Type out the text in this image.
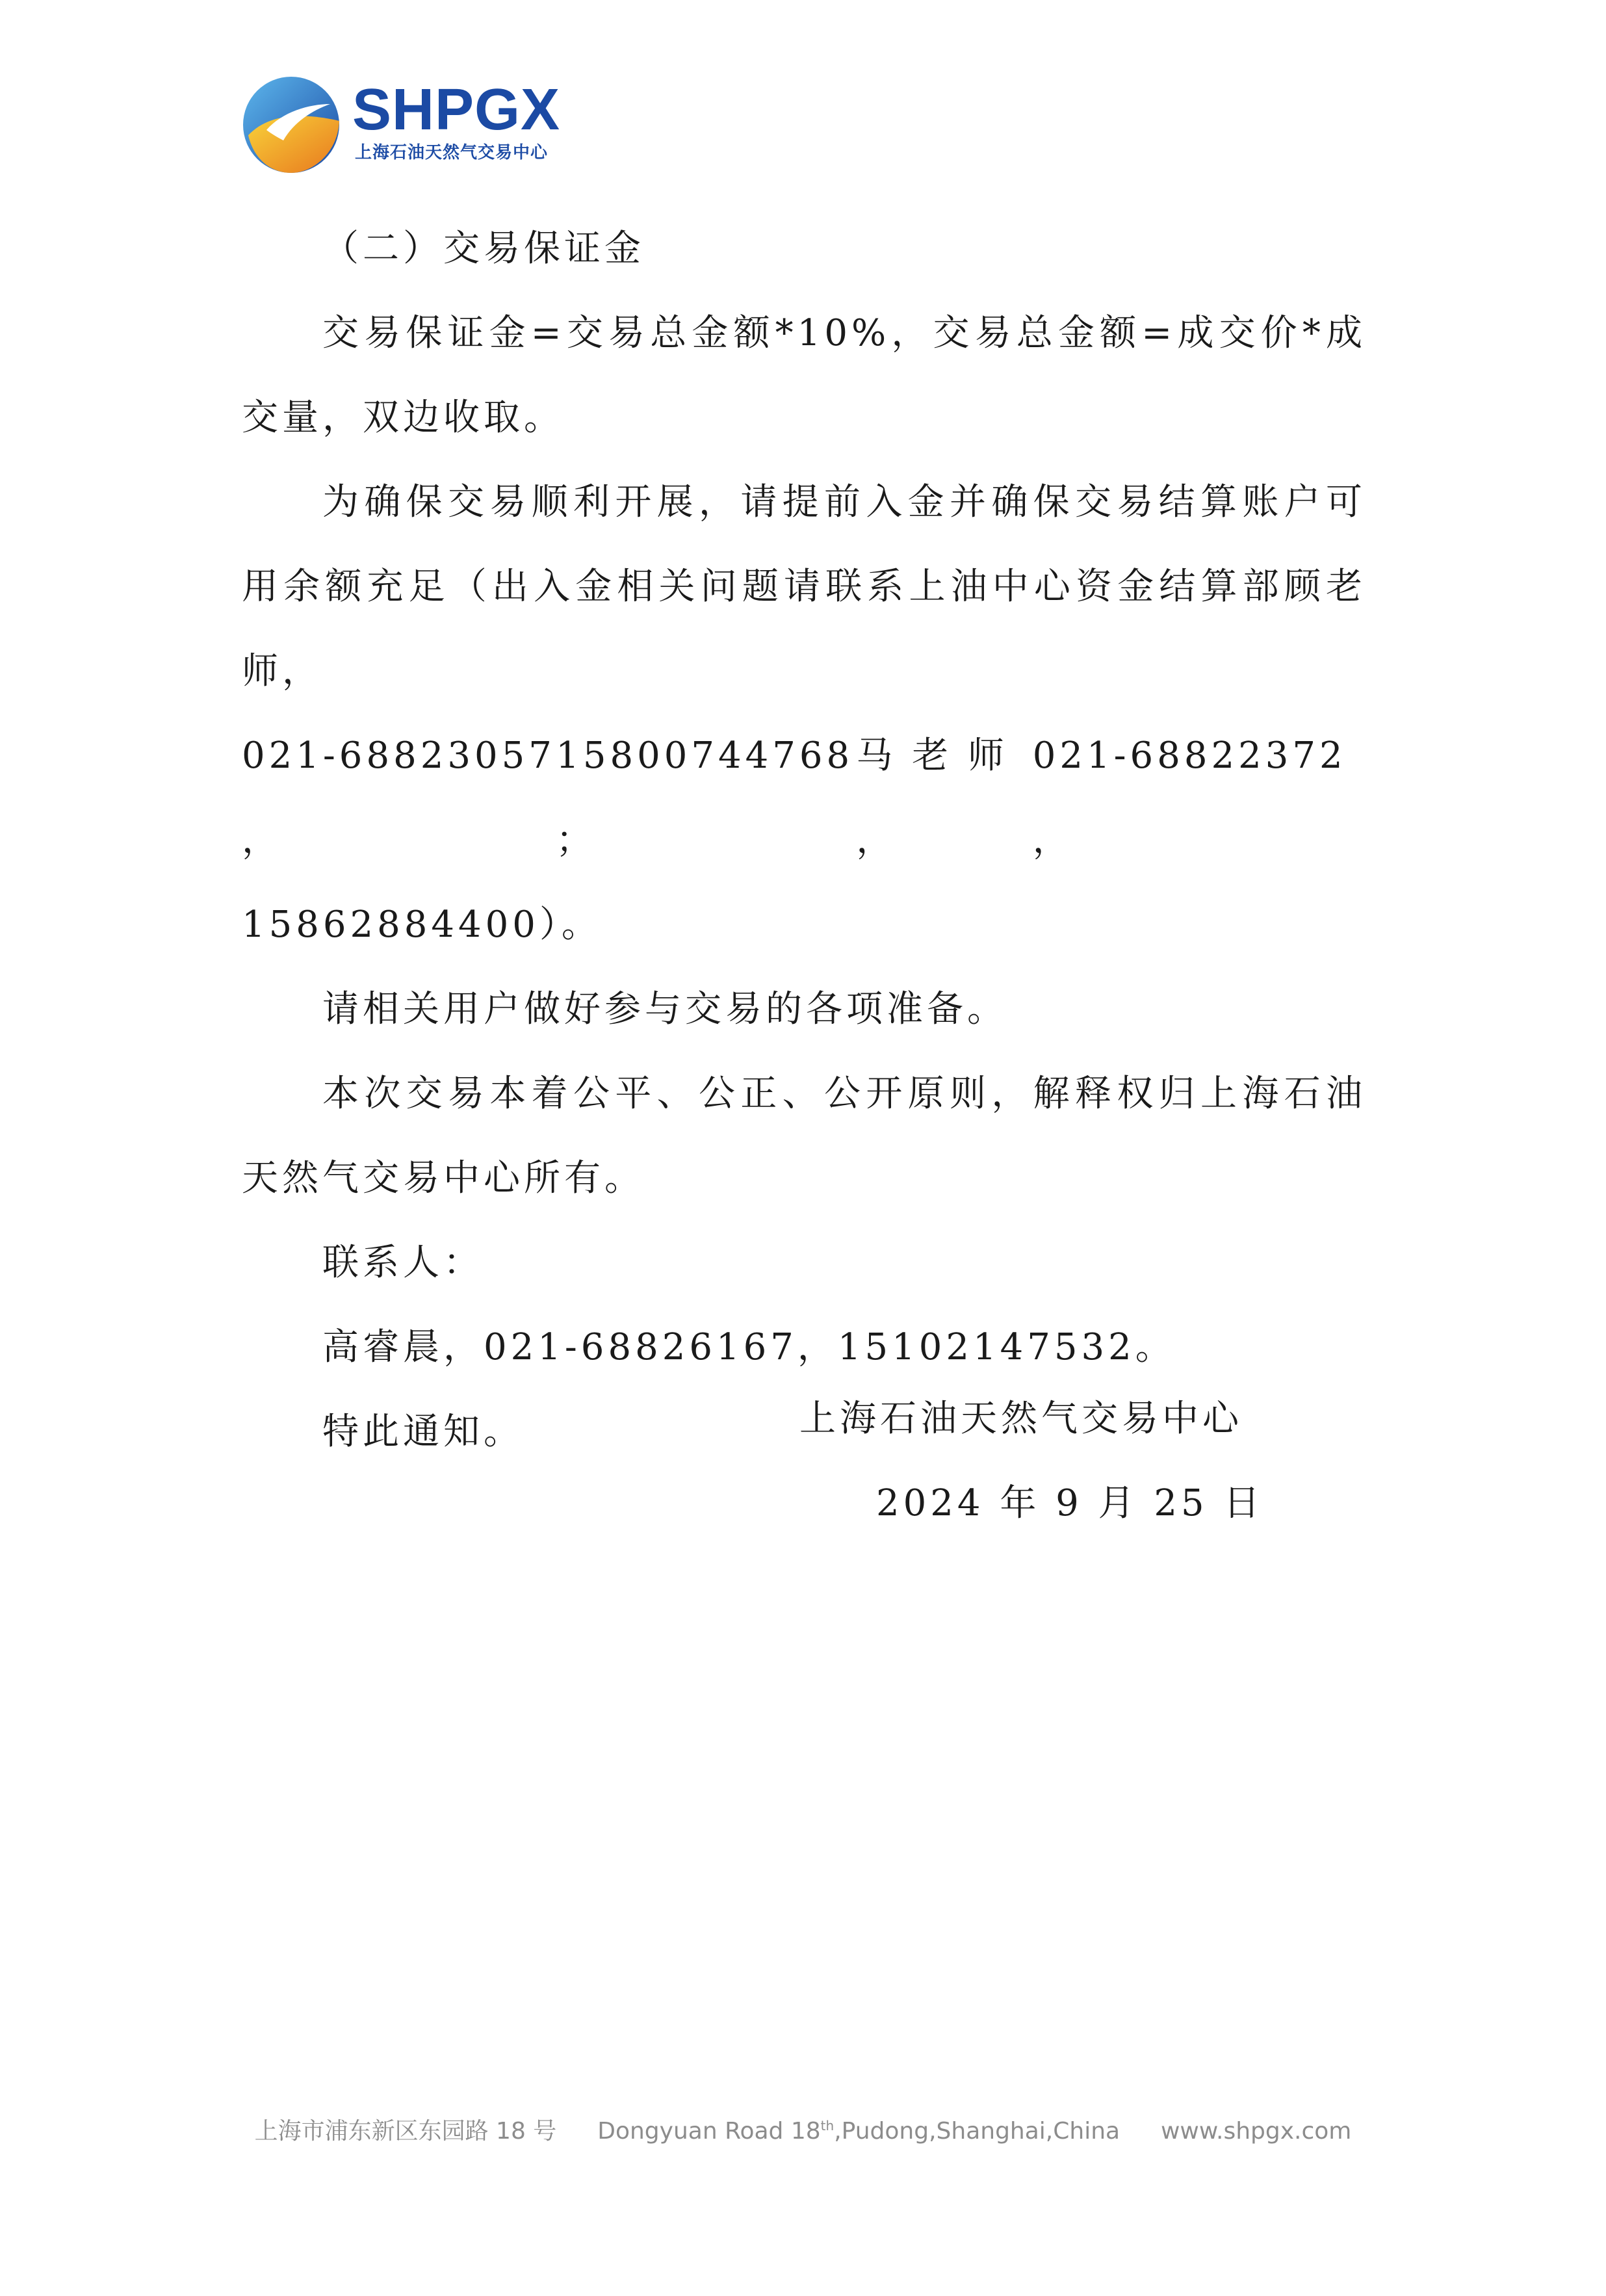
SHPGX
上海石油天然气交易中心

（二）交易保证金

交易保证金=交易总金额*10%，交易总金额=成交价*成交量，双边收取。

为确保交易顺利开展，请提前入金并确保交易结算账户可用余额充足（出入金相关问题请联系上油中心资金结算部顾老师，

021-68823057 ，
15800744768 ；
马 老 师 ，
021-68822372 ，

15862884400）。

请相关用户做好参与交易的各项准备。

本次交易本着公平、公正、公开原则，解释权归上海石油天然气交易中心所有。

联系人：

高睿晨，021-68826167，15102147532。

特此通知。	上海石油天然气交易中心

2024 年 9 月 25 日

上海市浦东新区东园路 18 号 Dongyuan Road 18th,Pudong,Shanghai,China www.shpgx.com
